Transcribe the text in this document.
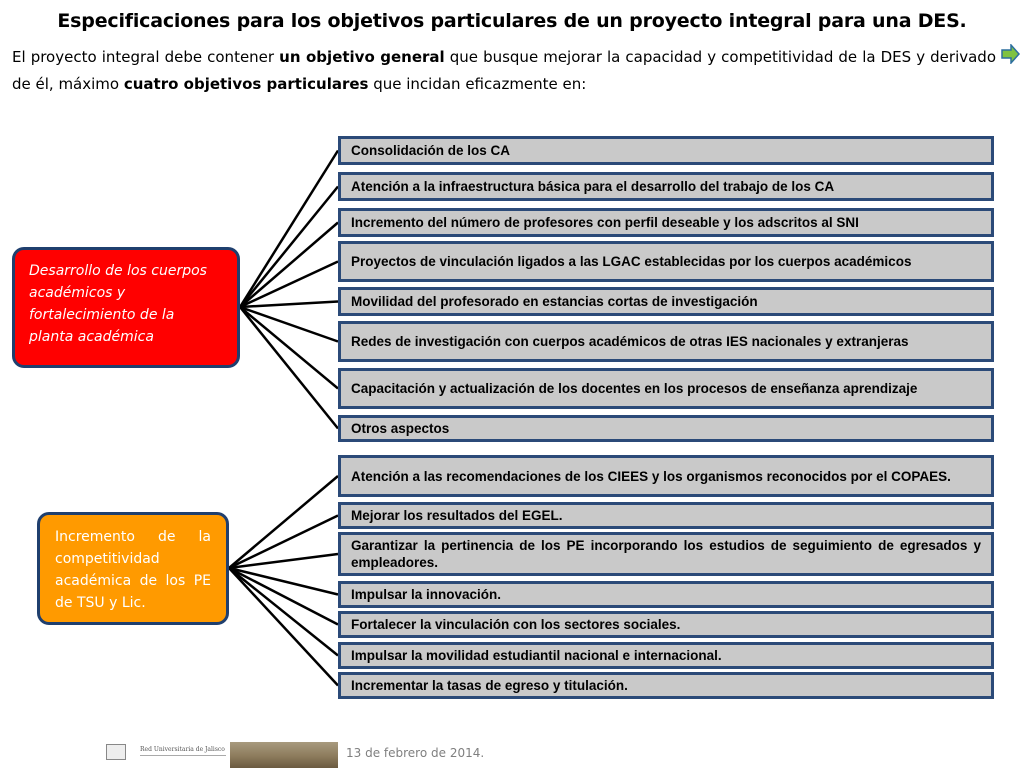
Especificaciones para los objetivos particulares de un proyecto integral para una DES.
El proyecto integral debe contener un objetivo general que busque mejorar la capacidad y competitividad de la DES y derivado de él, máximo cuatro objetivos particulares que incidan eficazmente en:
Desarrollo de los cuerpos académicos y fortalecimiento de la planta académica
Incremento de la competitividad académica de los PE de TSU y Lic.
Consolidación de los CA
Atención a la infraestructura básica para el desarrollo del trabajo de los CA
Incremento del número de profesores con perfil deseable y los adscritos al SNI
Proyectos de vinculación ligados a las LGAC establecidas por los cuerpos académicos
Movilidad del profesorado en estancias cortas de investigación
Redes de investigación con cuerpos académicos de otras IES nacionales y extranjeras
Capacitación y actualización de los docentes en los procesos de enseñanza aprendizaje
Otros aspectos
Atención a las recomendaciones de los CIEES y los organismos reconocidos por el COPAES.
Mejorar los resultados del EGEL.
Garantizar la pertinencia de los PE incorporando los estudios de seguimiento de egresados y empleadores.
Impulsar la innovación.
Fortalecer la vinculación con los sectores sociales.
Impulsar la movilidad estudiantil nacional e internacional.
Incrementar la tasas de egreso y titulación.
Red Universitaria de Jalisco	13 de febrero de 2014.
